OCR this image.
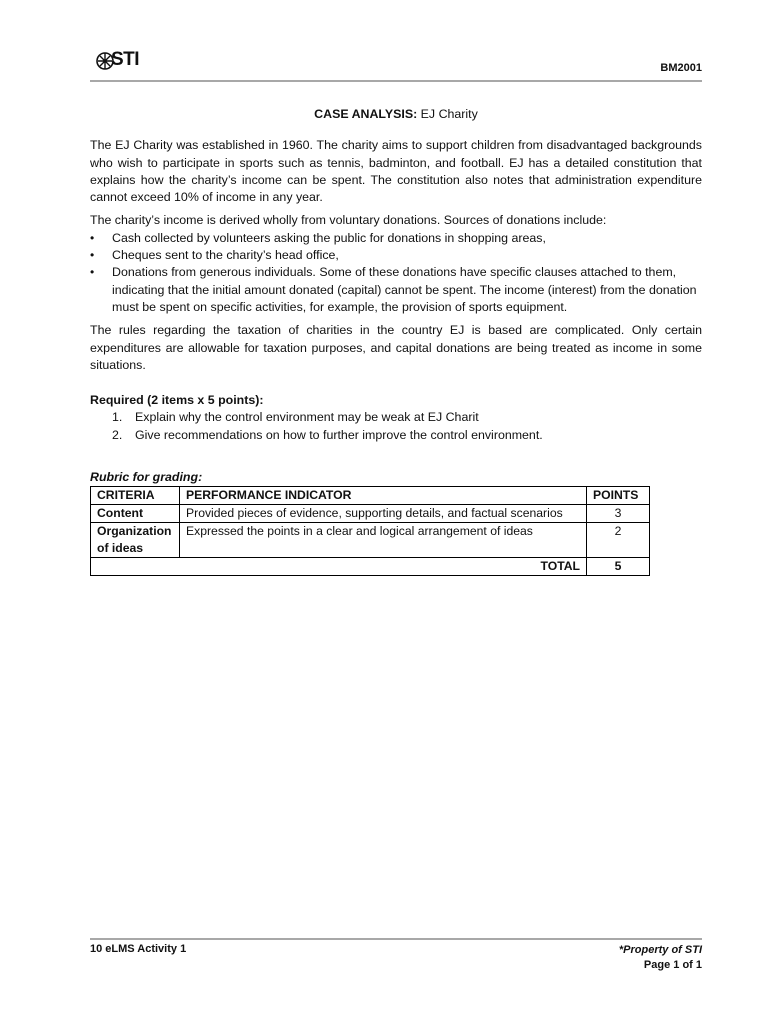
STI	BM2001
CASE ANALYSIS: EJ Charity

The EJ Charity was established in 1960. The charity aims to support children from disadvantaged backgrounds who wish to participate in sports such as tennis, badminton, and football. EJ has a detailed constitution that explains how the charity’s income can be spent. The constitution also notes that administration expenditure cannot exceed 10% of income in any year.

The charity’s income is derived wholly from voluntary donations. Sources of donations include:

• Cash collected by volunteers asking the public for donations in shopping areas,
• Cheques sent to the charity’s head office,
• Donations from generous individuals. Some of these donations have specific clauses attached to them, indicating that the initial amount donated (capital) cannot be spent. The income (interest) from the donation must be spent on specific activities, for example, the provision of sports equipment.

The rules regarding the taxation of charities in the country EJ is based are complicated. Only certain expenditures are allowable for taxation purposes, and capital donations are being treated as income in some situations.

Required (2 items x 5 points):

1. Explain why the control environment may be weak at EJ Charit
2. Give recommendations on how to further improve the control environment.

Rubric for grading:

CRITERIA	PERFORMANCE INDICATOR	POINTS
Content	Provided pieces of evidence, supporting details, and factual scenarios	3
Organization of ideas	Expressed the points in a clear and logical arrangement of ideas	2
TOTAL		5
10 eLMS Activity 1	*Property of STI
Page 1 of 1
